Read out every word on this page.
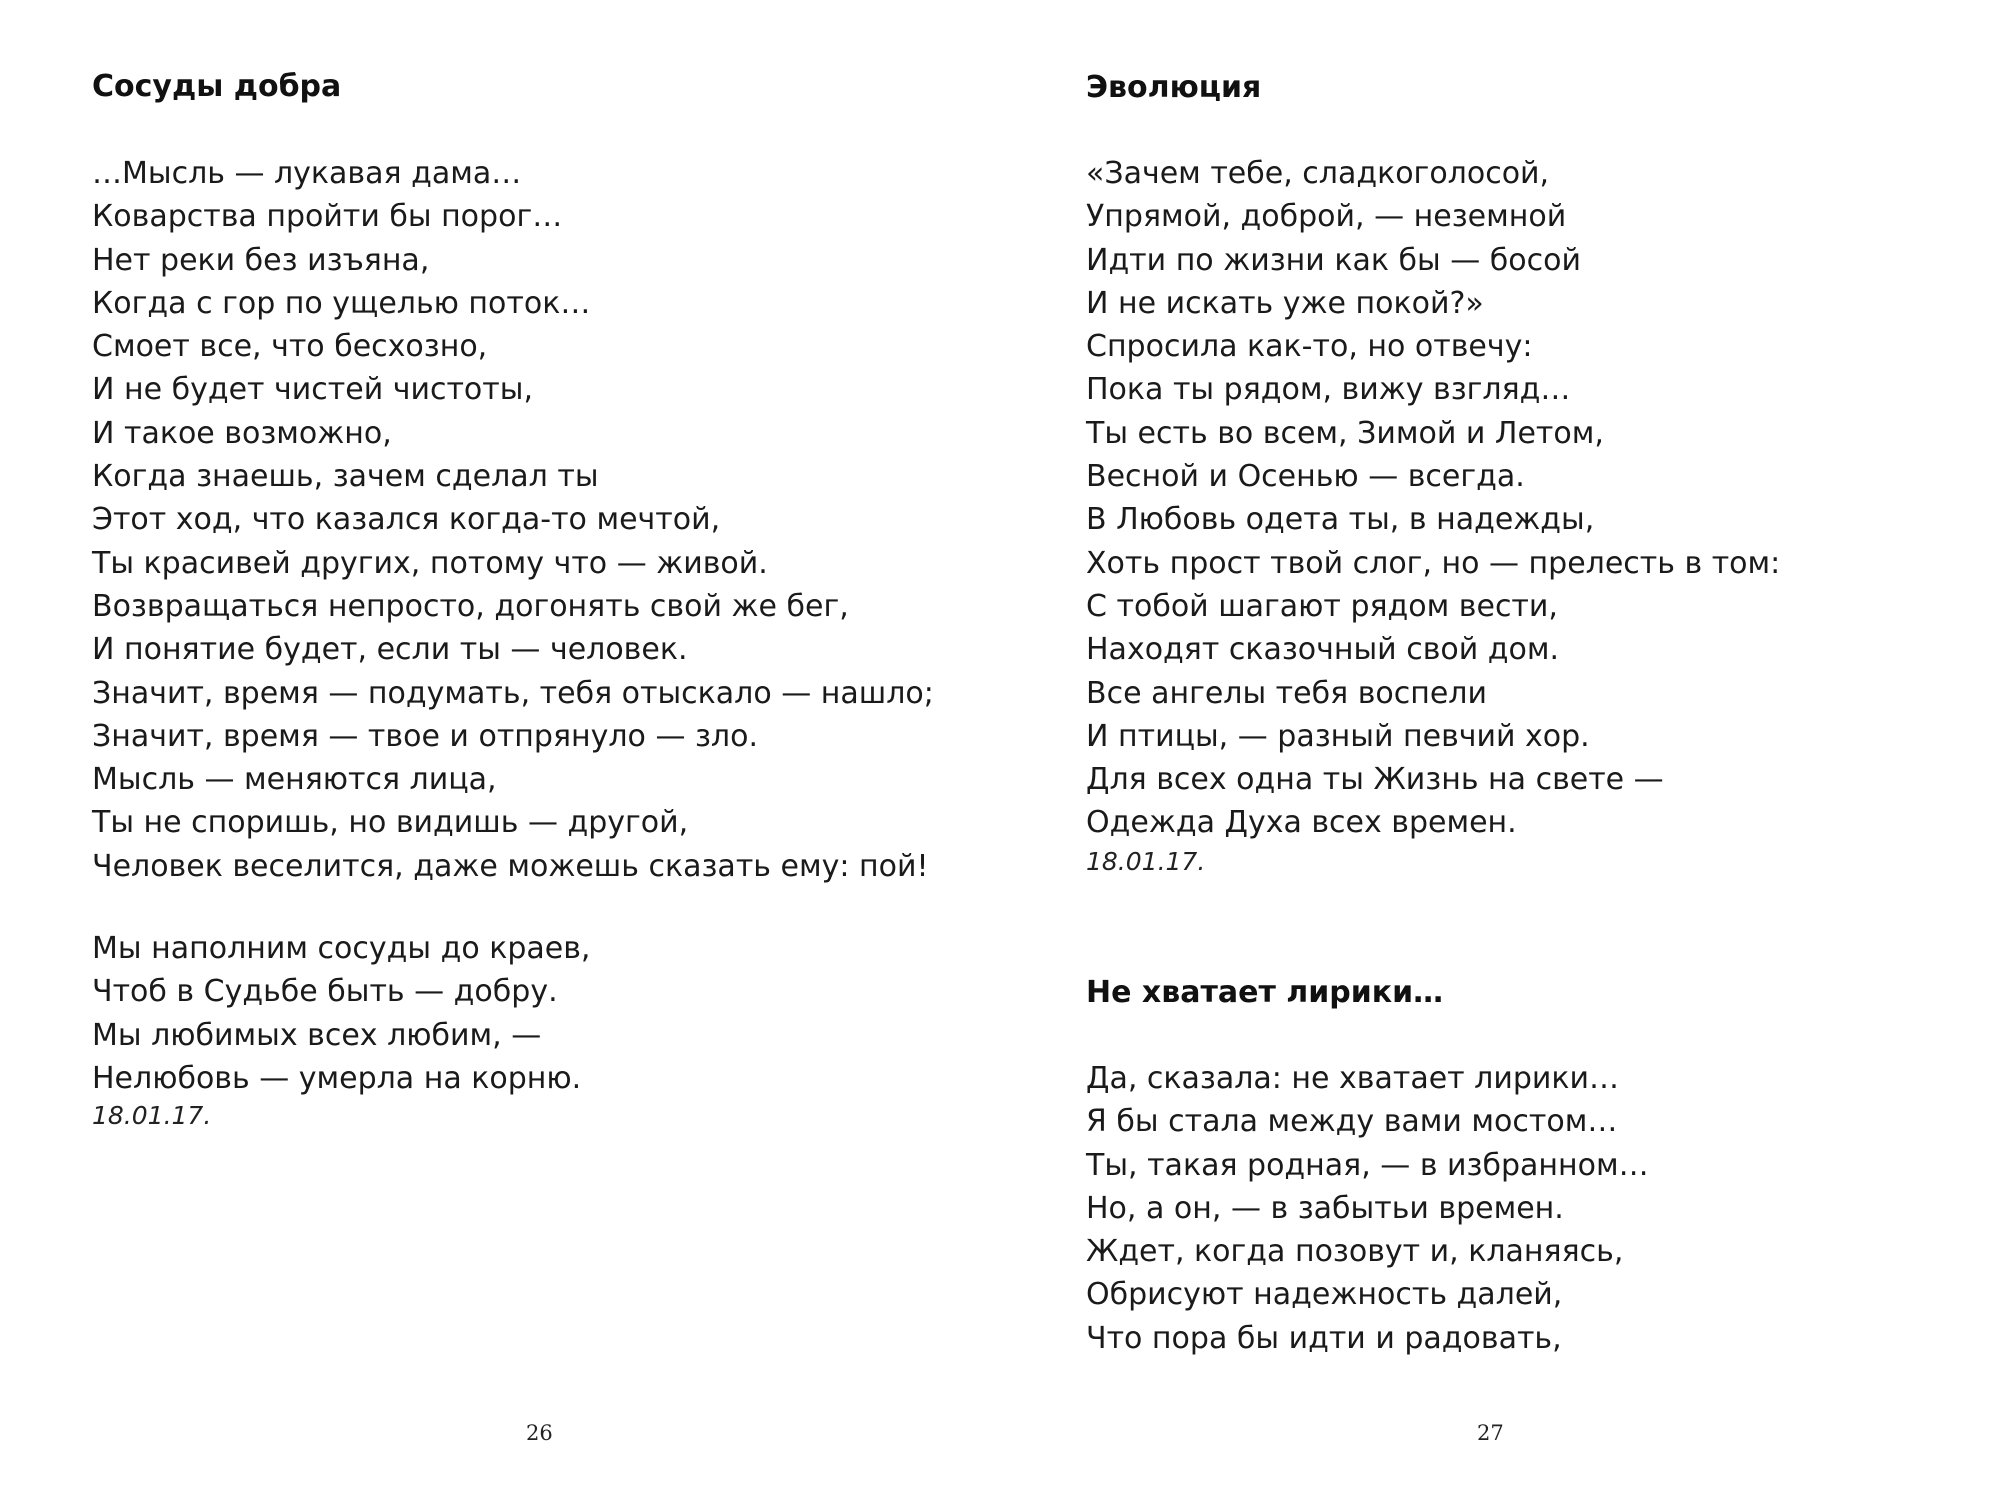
Сосуды добра
…Мысль — лукавая дама…
Коварства пройти бы порог…
Нет реки без изъяна,
Когда с гор по ущелью поток…
Смоет все, что бесхозно,
И не будет чистей чистоты,
И такое возможно,
Когда знаешь, зачем сделал ты
Этот ход, что казался когда-то мечтой,
Ты красивей других, потому что — живой.
Возвращаться непросто, догонять свой же бег,
И понятие будет, если ты — человек.
Значит, время — подумать, тебя отыскало — нашло;
Значит, время — твое и отпрянуло — зло.
Мысль — меняются лица,
Ты не споришь, но видишь — другой,
Человек веселится, даже можешь сказать ему: пой!
Мы наполним сосуды до краев,
Чтоб в Судьбе быть — добру.
Мы любимых всех любим, —
Нелюбовь — умерла на корню.
18.01.17.
26
Эволюция
«Зачем тебе, сладкоголосой,
Упрямой, доброй, — неземной
Идти по жизни как бы — босой
И не искать уже покой?»
Спросила как-то, но отвечу:
Пока ты рядом, вижу взгляд…
Ты есть во всем, Зимой и Летом,
Весной и Осенью — всегда.
В Любовь одета ты, в надежды,
Хоть прост твой слог, но — прелесть в том:
С тобой шагают рядом вести,
Находят сказочный свой дом.
Все ангелы тебя воспели
И птицы, — разный певчий хор.
Для всех одна ты Жизнь на свете —
Одежда Духа всех времен.
18.01.17.
Не хватает лирики…
Да, сказала: не хватает лирики…
Я бы стала между вами мостом…
Ты, такая родная, — в избранном…
Но, а он, — в забытьи времен.
Ждет, когда позовут и, кланяясь,
Обрисуют надежность далей,
Что пора бы идти и радовать,
27
